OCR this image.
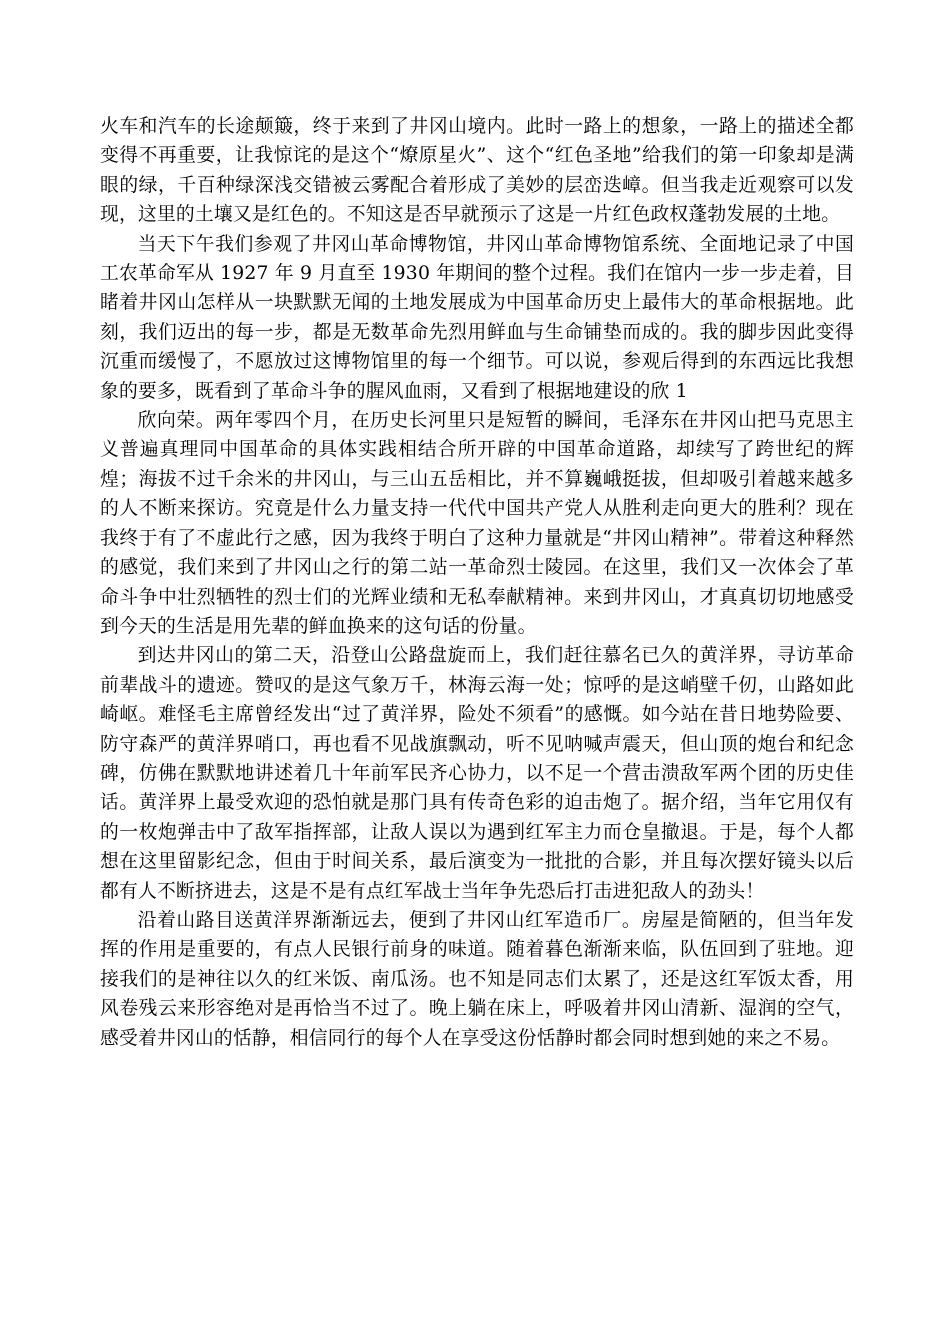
火车和汽车的长途颠簸，终于来到了井冈山境内。此时一路上的想象，一路上的描述全都变得不再重要，让我惊诧的是这个“燎原星火”、这个“红色圣地”给我们的第一印象却是满眼的绿，千百种绿深浅交错被云雾配合着形成了美妙的层峦迭嶂。但当我走近观察可以发现，这里的土壤又是红色的。不知这是否早就预示了这是一片红色政权蓬勃发展的土地。

当天下午我们参观了井冈山革命博物馆，井冈山革命博物馆系统、全面地记录了中国工农革命军从 1927 年 9 月直至 1930 年期间的整个过程。我们在馆内一步一步走着，目睹着井冈山怎样从一块默默无闻的土地发展成为中国革命历史上最伟大的革命根据地。此刻，我们迈出的每一步，都是无数革命先烈用鲜血与生命铺垫而成的。我的脚步因此变得沉重而缓慢了，不愿放过这博物馆里的每一个细节。可以说，参观后得到的东西远比我想象的要多，既看到了革命斗争的腥风血雨，又看到了根据地建设的欣 1

欣向荣。两年零四个月，在历史长河里只是短暂的瞬间，毛泽东在井冈山把马克思主义普遍真理同中国革命的具体实践相结合所开辟的中国革命道路，却续写了跨世纪的辉煌；海拔不过千余米的井冈山，与三山五岳相比，并不算巍峨挺拔，但却吸引着越来越多的人不断来探访。究竟是什么力量支持一代代中国共产党人从胜利走向更大的胜利？现在我终于有了不虚此行之感，因为我终于明白了这种力量就是“井冈山精神”。带着这种释然的感觉，我们来到了井冈山之行的第二站一革命烈士陵园。在这里，我们又一次体会了革命斗争中壮烈牺牲的烈士们的光辉业绩和无私奉献精神。来到井冈山，才真真切切地感受到今天的生活是用先辈的鲜血换来的这句话的份量。

到达井冈山的第二天，沿登山公路盘旋而上，我们赶往慕名已久的黄洋界，寻访革命前辈战斗的遗迹。赞叹的是这气象万千，林海云海一处；惊呼的是这峭壁千仞，山路如此崎岖。难怪毛主席曾经发出“过了黄洋界，险处不须看”的感慨。如今站在昔日地势险要、防守森严的黄洋界哨口，再也看不见战旗飘动，听不见呐喊声震天，但山顶的炮台和纪念碑，仿佛在默默地讲述着几十年前军民齐心协力，以不足一个营击溃敌军两个团的历史佳话。黄洋界上最受欢迎的恐怕就是那门具有传奇色彩的迫击炮了。据介绍，当年它用仅有的一枚炮弹击中了敌军指挥部，让敌人误以为遇到红军主力而仓皇撤退。于是，每个人都想在这里留影纪念，但由于时间关系，最后演变为一批批的合影，并且每次摆好镜头以后都有人不断挤进去，这是不是有点红军战士当年争先恐后打击进犯敌人的劲头！

沿着山路目送黄洋界渐渐远去，便到了井冈山红军造币厂。房屋是简陋的，但当年发挥的作用是重要的，有点人民银行前身的味道。随着暮色渐渐来临，队伍回到了驻地。迎接我们的是神往以久的红米饭、南瓜汤。也不知是同志们太累了，还是这红军饭太香，用风卷残云来形容绝对是再恰当不过了。晚上躺在床上，呼吸着井冈山清新、湿润的空气，感受着井冈山的恬静，相信同行的每个人在享受这份恬静时都会同时想到她的来之不易。
